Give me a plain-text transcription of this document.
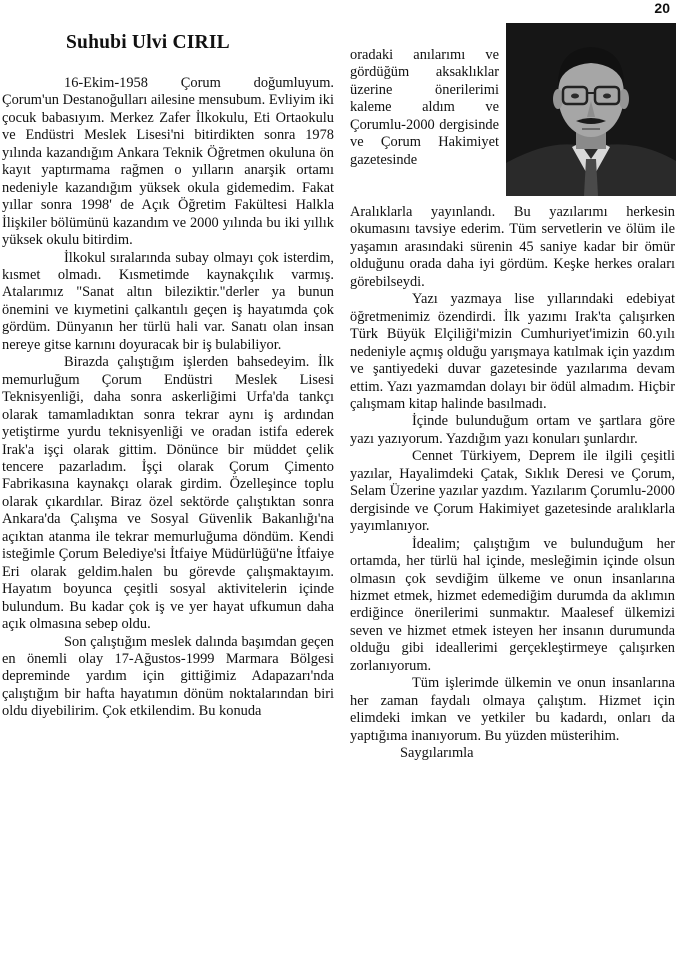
20
Suhubi Ulvi CIRIL

16-Ekim-1958 Çorum doğumluyum. Çorum'un Destanoğulları ailesine mensubum. Evliyim iki çocuk babasıyım. Merkez Zafer İlkokulu, Eti Ortaokulu ve Endüstri Meslek Lisesi'ni bitirdikten sonra 1978 yılında kazandığım Ankara Teknik Öğretmen okuluna ön kayıt yaptırmama rağmen o yılların anarşik ortamı nedeniyle kazandığım yüksek okula gidemedim. Fakat yıllar sonra 1998' de Açık Öğretim Fakültesi Halkla İlişkiler bölümünü kazandım ve 2000 yılında bu iki yıllık yüksek okulu bitirdim.

İlkokul sıralarında subay olmayı çok isterdim, kısmet olmadı. Kısmetimde kaynakçılık varmış. Atalarımız "Sanat altın bileziktir."derler ya bunun önemini ve kıymetini çalkantılı geçen iş hayatımda çok gördüm. Dünyanın her türlü hali var. Sanatı olan insan nereye gitse karnını doyuracak bir iş bulabiliyor.

Birazda çalıştığım işlerden bahsedeyim. İlk memurluğum Çorum Endüstri Meslek Lisesi Teknisyenliği, daha sonra askerliğimi Urfa'da tankçı olarak tamamladıktan sonra tekrar aynı iş ardından yetiştirme yurdu teknisyenliği ve oradan istifa ederek Irak'a işçi olarak gittim. Dönünce bir müddet çelik tencere pazarladım. İşçi olarak Çorum Çimento Fabrikasına kaynakçı olarak girdim. Özelleşince toplu olarak çıkardılar. Biraz özel sektörde çalıştıktan sonra Ankara'da Çalışma ve Sosyal Güvenlik Bakanlığı'na açıktan atanma ile tekrar memurluğuma döndüm. Kendi isteğimle Çorum Belediye'si İtfaiye Müdürlüğü'ne İtfaiye Eri olarak geldim.halen bu görevde çalışmaktayım. Hayatım boyunca çeşitli sosyal aktivitelerin içinde bulundum. Bu kadar çok iş ve yer hayat ufkumun daha açık olmasına sebep oldu.

Son çalıştığım meslek dalında başımdan geçen en önemli olay 17-Ağustos-1999 Marmara Bölgesi depreminde yardım için gittiğimiz Adapazarı'nda çalıştığım bir hafta hayatımın dönüm noktalarından biri oldu diyebilirim. Çok etkilendim. Bu konuda

oradaki anılarımı ve gördüğüm aksaklıklar üzerine önerilerimi kaleme aldım ve Çorumlu-2000 dergisinde ve Çorum Hakimiyet gazetesinde

Aralıklarla yayınlandı. Bu yazılarımı herkesin okumasını tavsiye ederim. Tüm servetlerin ve ölüm ile yaşamın arasındaki sürenin 45 saniye kadar bir ömür olduğunu orada daha iyi gördüm. Keşke herkes oraları görebilseydi.

Yazı yazmaya lise yıllarındaki edebiyat öğretmenimiz özendirdi. İlk yazımı Irak'ta çalışırken Türk Büyük Elçiliği'mizin Cumhuriyet'imizin 60.yılı nedeniyle açmış olduğu yarışmaya katılmak için yazdım ve şantiyedeki duvar gazetesinde yazılarıma devam ettim. Yazı yazmamdan dolayı bir ödül almadım. Hiçbir çalışmam kitap halinde basılmadı.

İçinde bulunduğum ortam ve şartlara göre yazı yazıyorum. Yazdığım yazı konuları şunlardır.

Cennet Türkiyem, Deprem ile ilgili çeşitli yazılar, Hayalimdeki Çatak, Sıklık Deresi ve Çorum, Selam Üzerine yazılar yazdım. Yazılarım Çorumlu-2000 dergisinde ve Çorum Hakimiyet gazetesinde aralıklarla yayımlanıyor.

İdealim; çalıştığım ve bulunduğum her ortamda, her türlü hal içinde, mesleğimin içinde olsun olmasın çok sevdiğim ülkeme ve onun insanlarına hizmet etmek, hizmet edemediğim durumda da aklımın erdiğince önerilerimi sunmaktır. Maalesef ülkemizi seven ve hizmet etmek isteyen her insanın durumunda olduğu gibi ideallerimi gerçekleştirmeye çalışırken zorlanıyorum.

Tüm işlerimde ülkemin ve onun insanlarına her zaman faydalı olmaya çalıştım. Hizmet için elimdeki imkan ve yetkiler bu kadardı, onları da yaptığıma inanıyorum. Bu yüzden müsterihim.

Saygılarımla
